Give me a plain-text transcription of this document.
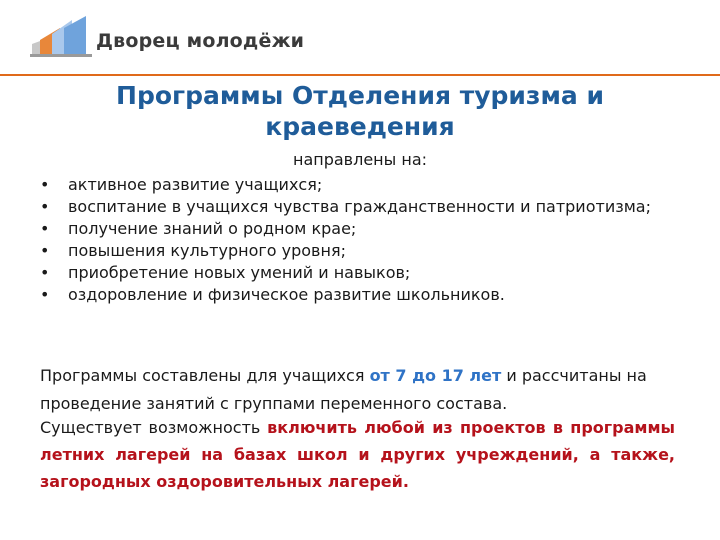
Дворец молодёжи
Программы Отделения туризма и краеведения
направлены на:
• активное развитие учащихся;
• воспитание в учащихся чувства гражданственности и патриотизма;
• получение знаний о родном крае;
• повышения культурного уровня;
• приобретение новых умений и навыков;
• оздоровление и физическое развитие школьников.

Программы составлены для учащихся от 7 до 17 лет и рассчитаны на проведение занятий с группами переменного состава.

Существует возможность включить любой из проектов в программы летних лагерей на базах школ и других учреждений, а также, загородных оздоровительных лагерей.
